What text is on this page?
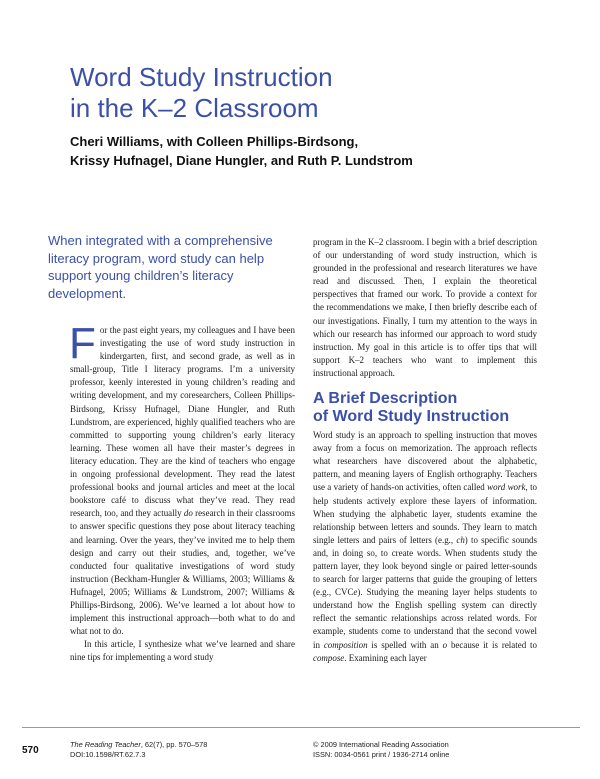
Word Study Instruction
in the K–2 Classroom

Cheri Williams, with Colleen Phillips-Birdsong,
Krissy Hufnagel, Diane Hungler, and Ruth P. Lundstrom

When integrated with a comprehensive literacy program, word study can help support young children’s literacy development.

For the past eight years, my colleagues and I have been investigating the use of word study instruction in kindergarten, first, and second grade, as well as in small-group, Title I literacy programs. I’m a university professor, keenly interested in young children’s reading and writing development, and my coresearchers, Colleen Phillips-Birdsong, Krissy Hufnagel, Diane Hungler, and Ruth Lundstrom, are experienced, highly qualified teachers who are committed to supporting young children’s early literacy learning. These women all have their master’s degrees in literacy education. They are the kind of teachers who engage in ongoing professional development. They read the latest professional books and journal articles and meet at the local bookstore café to discuss what they’ve read. They read research, too, and they actually do research in their classrooms to answer specific questions they pose about literacy teaching and learning. Over the years, they’ve invited me to help them design and carry out their studies, and, together, we’ve conducted four qualitative investigations of word study instruction (Beckham-Hungler & Williams, 2003; Williams & Hufnagel, 2005; Williams & Lundstrom, 2007; Williams & Phillips-Birdsong, 2006). We’ve learned a lot about how to implement this instructional approach—both what to do and what not to do.

In this article, I synthesize what we’ve learned and share nine tips for implementing a word study

program in the K–2 classroom. I begin with a brief description of our understanding of word study instruction, which is grounded in the professional and research literatures we have read and discussed. Then, I explain the theoretical perspectives that framed our work. To provide a context for the recommendations we make, I then briefly describe each of our investigations. Finally, I turn my attention to the ways in which our research has informed our approach to word study instruction. My goal in this article is to offer tips that will support K–2 teachers who want to implement this instructional approach.

A Brief Description
of Word Study Instruction

Word study is an approach to spelling instruction that moves away from a focus on memorization. The approach reflects what researchers have discovered about the alphabetic, pattern, and meaning layers of English orthography. Teachers use a variety of hands-on activities, often called word work, to help students actively explore these layers of information. When studying the alphabetic layer, students examine the relationship between letters and sounds. They learn to match single letters and pairs of letters (e.g., ch) to specific sounds and, in doing so, to create words. When students study the pattern layer, they look beyond single or paired letter-sounds to search for larger patterns that guide the grouping of letters (e.g., CVCe). Studying the meaning layer helps students to understand how the English spelling system can directly reflect the semantic relationships across related words. For example, students come to understand that the second vowel in composition is spelled with an o because it is related to compose. Examining each layer

570
The Reading Teacher, 62(7), pp. 570–578
DOI:10.1598/RT.62.7.3
© 2009 International Reading Association
ISSN: 0034-0561 print / 1936-2714 online
